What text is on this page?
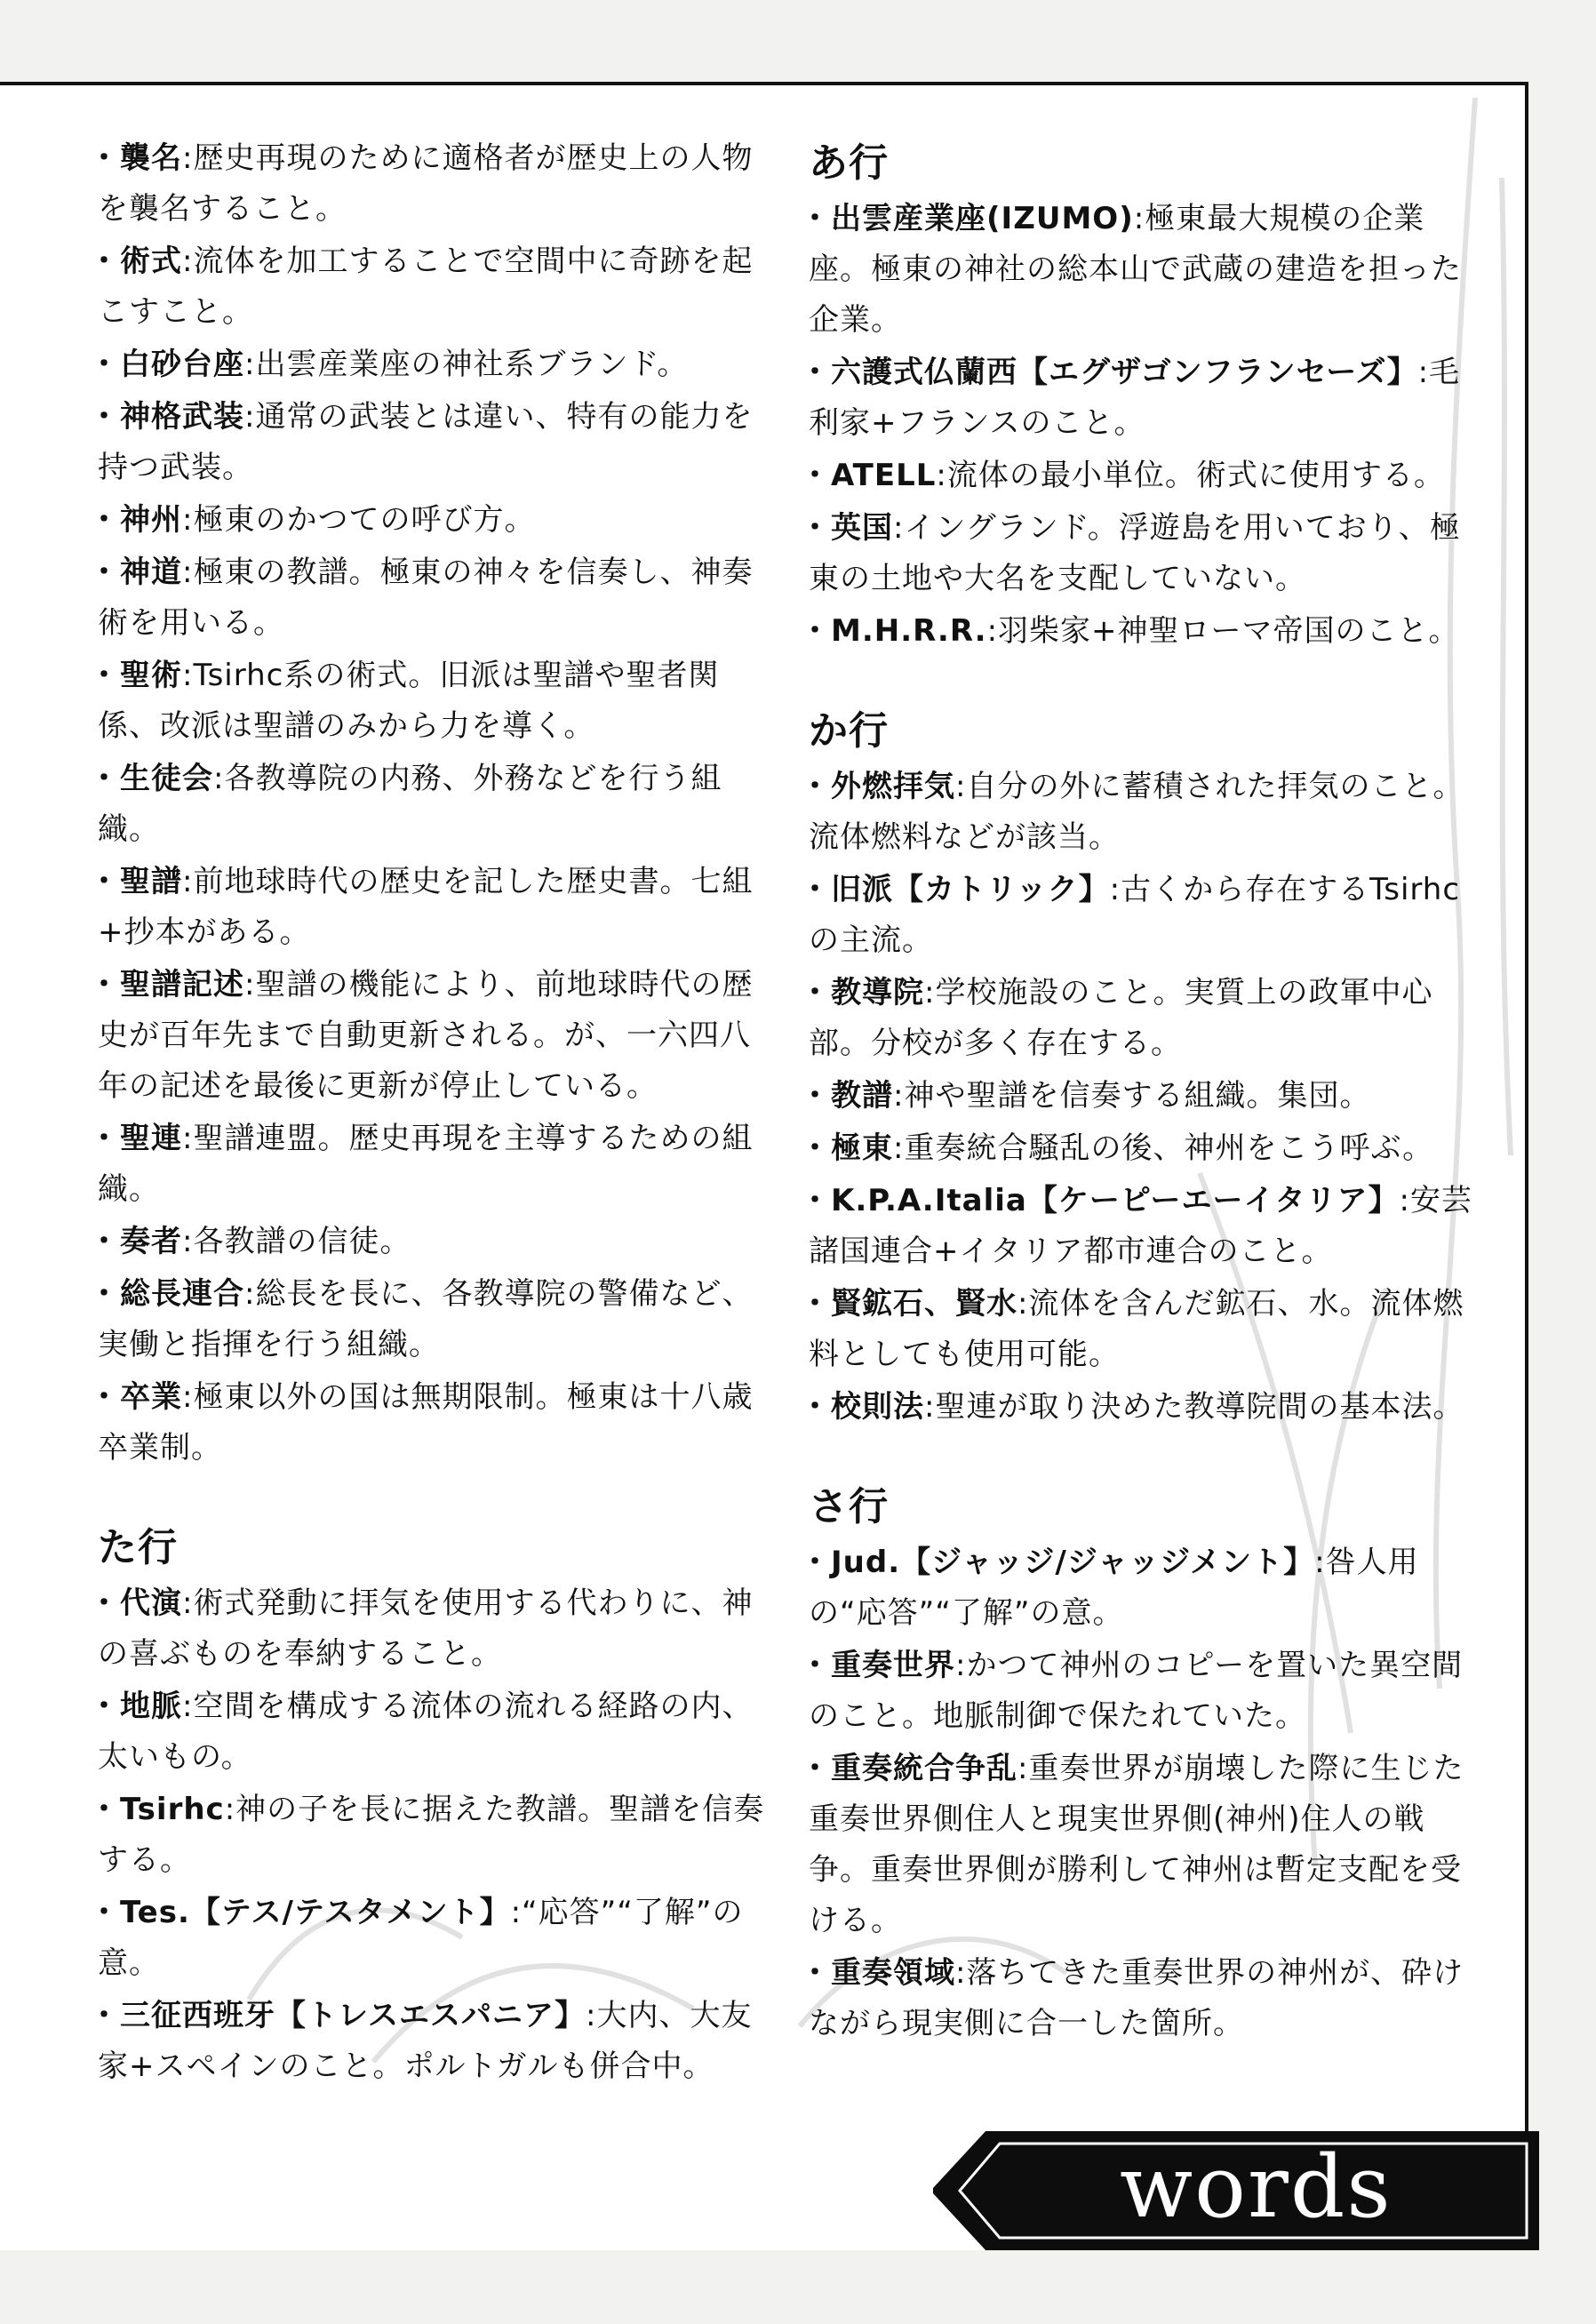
・ 襲名:歴史再現のために適格者が歴史上の人物を襲名すること。
・ 術式:流体を加工することで空間中に奇跡を起こすこと。
・ 白砂台座:出雲産業座の神社系ブランド。
・ 神格武装:通常の武装とは違い、特有の能力を持つ武装。
・ 神州:極東のかつての呼び方。
・ 神道:極東の教譜。極東の神々を信奏し、神奏術を用いる。
・ 聖術:Tsirhc系の術式。旧派は聖譜や聖者関係、改派は聖譜のみから力を導く。
・ 生徒会:各教導院の内務、外務などを行う組織。
・ 聖譜:前地球時代の歴史を記した歴史書。七組+抄本がある。
・ 聖譜記述:聖譜の機能により、前地球時代の歴史が百年先まで自動更新される。が、一六四八年の記述を最後に更新が停止している。
・ 聖連:聖譜連盟。歴史再現を主導するための組織。
・ 奏者:各教譜の信徒。
・ 総長連合:総長を長に、各教導院の警備など、実働と指揮を行う組織。
・ 卒業:極東以外の国は無期限制。極東は十八歳卒業制。
た行
・ 代演:術式発動に拝気を使用する代わりに、神の喜ぶものを奉納すること。
・ 地脈:空間を構成する流体の流れる経路の内、太いもの。
・ Tsirhc:神の子を長に据えた教譜。聖譜を信奏する。
・ Tes.【テス/テスタメント】:“応答”“了解”の意。
・ 三征西班牙【トレスエスパニア】:大内、大友家+スペインのこと。ポルトガルも併合中。
あ行
・ 出雲産業座(IZUMO):極東最大規模の企業座。極東の神社の総本山で武蔵の建造を担った企業。
・ 六護式仏蘭西【エグザゴンフランセーズ】:毛利家+フランスのこと。
・ ATELL:流体の最小単位。術式に使用する。
・ 英国:イングランド。浮遊島を用いており、極東の土地や大名を支配していない。
・ M.H.R.R.:羽柴家+神聖ローマ帝国のこと。
か行
・ 外燃拝気:自分の外に蓄積された拝気のこと。流体燃料などが該当。
・ 旧派【カトリック】:古くから存在するTsirhcの主流。
・ 教導院:学校施設のこと。実質上の政軍中心部。分校が多く存在する。
・ 教譜:神や聖譜を信奏する組織。集団。
・ 極東:重奏統合騒乱の後、神州をこう呼ぶ。
・ K.P.A.Italia【ケーピーエーイタリア】:安芸諸国連合+イタリア都市連合のこと。
・ 賢鉱石、賢水:流体を含んだ鉱石、水。流体燃料としても使用可能。
・ 校則法:聖連が取り決めた教導院間の基本法。
さ行
・ Jud.【ジャッジ/ジャッジメント】:咎人用の“応答”“了解”の意。
・ 重奏世界:かつて神州のコピーを置いた異空間のこと。地脈制御で保たれていた。
・ 重奏統合争乱:重奏世界が崩壊した際に生じた重奏世界側住人と現実世界側(神州)住人の戦争。重奏世界側が勝利して神州は暫定支配を受ける。
・ 重奏領域:落ちてきた重奏世界の神州が、砕けながら現実側に合一した箇所。
words
